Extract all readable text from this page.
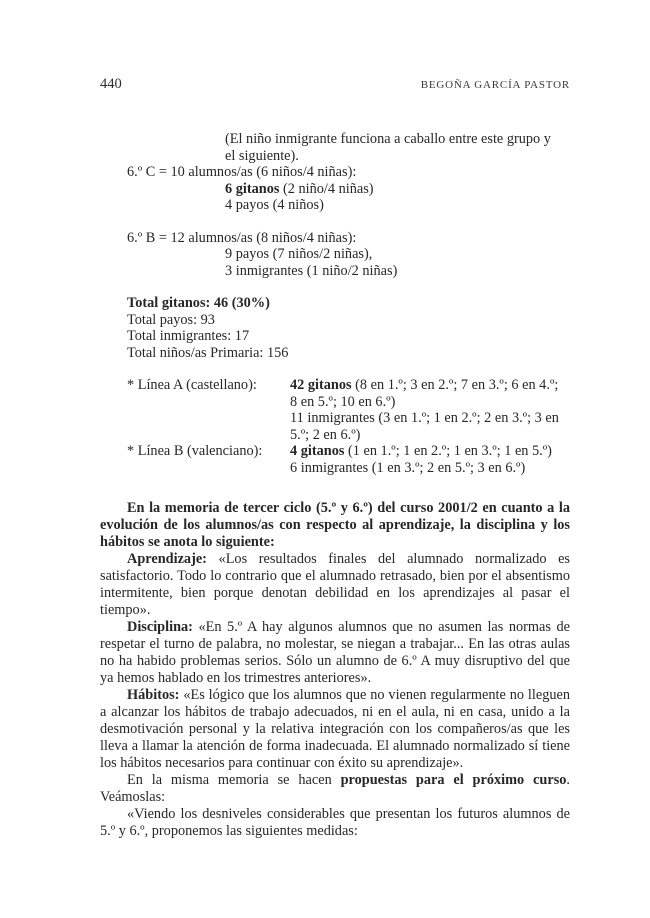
440	BEGOÑA GARCÍA PASTOR
(El niño inmigrante funciona a caballo entre este grupo y
el siguiente).
6.º C = 10 alumnos/as (6 niños/4 niñas):
6 gitanos (2 niño/4 niñas)
4 payos (4 niños)
6.º B = 12 alumnos/as (8 niños/4 niñas):
9 payos (7 niños/2 niñas),
3 inmigrantes (1 niño/2 niñas)
Total gitanos: 46 (30%)
Total payos: 93
Total inmigrantes: 17
Total niños/as Primaria: 156
* Línea A (castellano):	42 gitanos (8 en 1.º; 3 en 2.º; 7 en 3.º; 6 en 4.º;
8 en 5.º; 10 en 6.º)
11 inmigrantes (3 en 1.º; 1 en 2.º; 2 en 3.º; 3 en
5.º; 2 en 6.º)
* Línea B (valenciano):	4 gitanos (1 en 1.º; 1 en 2.º; 1 en 3.º; 1 en 5.º)
6 inmigrantes (1 en 3.º; 2 en 5.º; 3 en 6.º)

En la memoria de tercer ciclo (5.º y 6.º) del curso 2001/2 en cuanto a la evolución de los alumnos/as con respecto al aprendizaje, la disciplina y los hábitos se anota lo siguiente:

Aprendizaje: «Los resultados finales del alumnado normalizado es satisfactorio. Todo lo contrario que el alumnado retrasado, bien por el absentismo intermitente, bien porque denotan debilidad en los aprendizajes al pasar el tiempo».

Disciplina: «En 5.º A hay algunos alumnos que no asumen las normas de respetar el turno de palabra, no molestar, se niegan a trabajar... En las otras aulas no ha habido problemas serios. Sólo un alumno de 6.º A muy disruptivo del que ya hemos hablado en los trimestres anteriores».

Hábitos: «Es lógico que los alumnos que no vienen regularmente no lleguen a alcanzar los hábitos de trabajo adecuados, ni en el aula, ni en casa, unido a la desmotivación personal y la relativa integración con los compañeros/as que les lleva a llamar la atención de forma inadecuada. El alumnado normalizado sí tiene los hábitos necesarios para continuar con éxito su aprendizaje».

En la misma memoria se hacen propuestas para el próximo curso. Veámoslas:

«Viendo los desniveles considerables que presentan los futuros alumnos de 5.º y 6.º, proponemos las siguientes medidas:
